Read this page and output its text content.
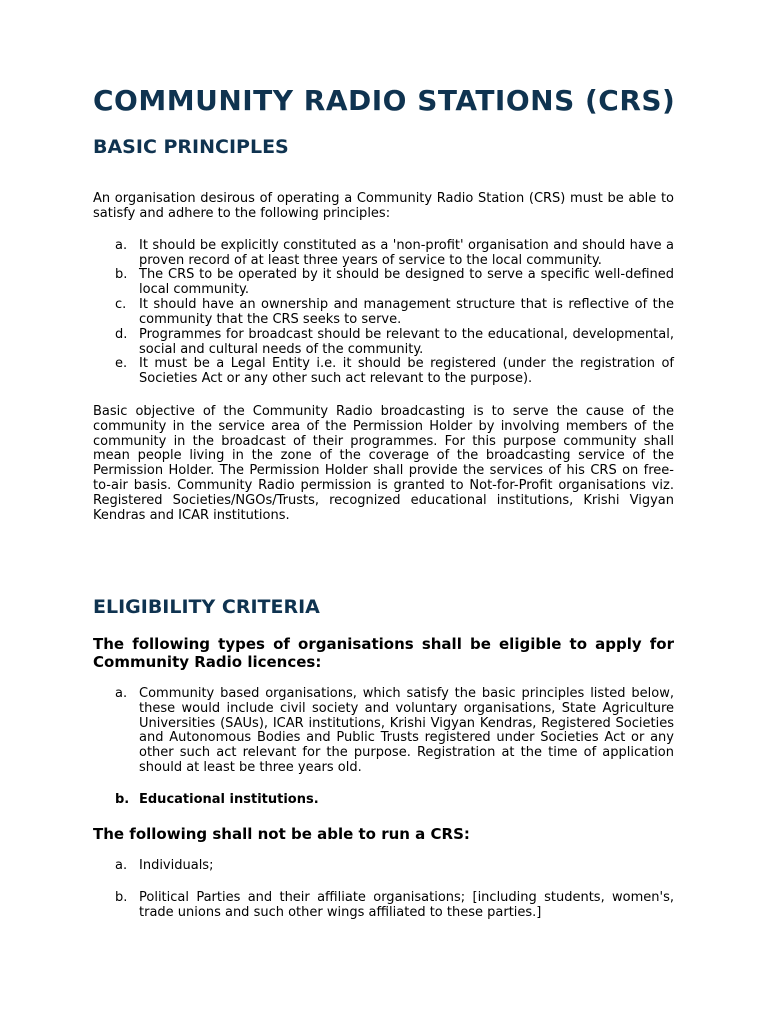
COMMUNITY RADIO STATIONS (CRS)
BASIC PRINCIPLES

An organisation desirous of operating a Community Radio Station (CRS) must be able to satisfy and adhere to the following principles:

a. It should be explicitly constituted as a 'non-profit' organisation and should have a proven record of at least three years of service to the local community.
b. The CRS to be operated by it should be designed to serve a specific well-defined local community.
c. It should have an ownership and management structure that is reflective of the community that the CRS seeks to serve.
d. Programmes for broadcast should be relevant to the educational, developmental, social and cultural needs of the community.
e. It must be a Legal Entity i.e. it should be registered (under the registration of Societies Act or any other such act relevant to the purpose).

Basic objective of the Community Radio broadcasting is to serve the cause of the community in the service area of the Permission Holder by involving members of the community in the broadcast of their programmes. For this purpose community shall mean people living in the zone of the coverage of the broadcasting service of the Permission Holder. The Permission Holder shall provide the services of his CRS on free-to-air basis. Community Radio permission is granted to Not-for-Profit organisations viz. Registered Societies/NGOs/Trusts, recognized educational institutions, Krishi Vigyan Kendras and ICAR institutions.

ELIGIBILITY CRITERIA

The following types of organisations shall be eligible to apply for Community Radio licences:

a. Community based organisations, which satisfy the basic principles listed below, these would include civil society and voluntary organisations, State Agriculture Universities (SAUs), ICAR institutions, Krishi Vigyan Kendras, Registered Societies and Autonomous Bodies and Public Trusts registered under Societies Act or any other such act relevant for the purpose. Registration at the time of application should at least be three years old.
b. Educational institutions.

The following shall not be able to run a CRS:

a. Individuals;
b. Political Parties and their affiliate organisations; [including students, women's, trade unions and such other wings affiliated to these parties.]
